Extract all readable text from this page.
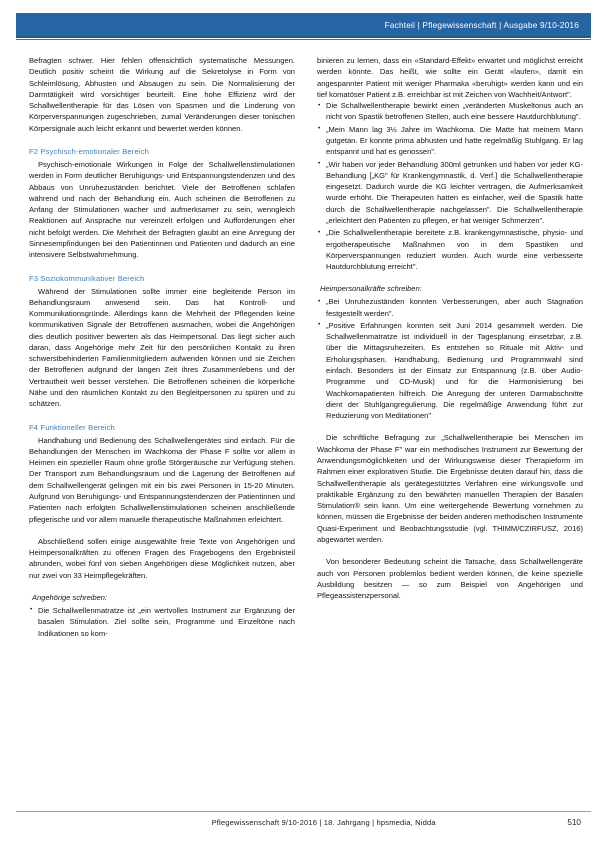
Fachteil | Pflegewissenschaft | Ausgabe 9/10-2016

Befragten schwer. Hier fehlen offensichtlich systematische Messungen. Deutlich positiv scheint die Wirkung auf die Sekretolyse in Form von Schleimlösung, Abhusten und Absaugen zu sein. Die Normalisierung der Darmtätigkeit wird vorsichtiger beurteilt. Eine hohe Effizienz wird der Schallwellentherapie für das Lösen von Spasmen und die Linderung von Körperverspannungen zugeschrieben, zumal Veränderungen dieser tonischen Körpersignale auch leicht erkannt und bewertet werden können.

F2 Psychisch-emotionaler Bereich

Psychisch-emotionale Wirkungen in Folge der Schallwellenstimulationen werden in Form deutlicher Beruhigungs- und Entspannungstendenzen und des Abbaus von Unruhezuständen berichtet. Viele der Betroffenen schlafen während und nach der Behandlung ein. Auch scheinen die Betroffenen zu Anfang der Stimulationen wacher und aufmerksamer zu sein, wenngleich Reaktionen auf Ansprache nur vereinzelt erfolgen und Aufforderungen eher nicht befolgt werden. Die Mehrheit der Befragten glaubt an eine Anregung der Sinnesempfindungen bei den Patientinnen und Patienten und dadurch an eine intensivere Selbstwahrnehmung.

F3 Soziokommunikativer Bereich

Während der Stimulationen sollte immer eine begleitende Person im Behandlungsraum anwesend sein. Das hat Kontroll- und Kommunikationsgründe. Allerdings kann die Mehrheit der Pflegenden keine kommunikativen Signale der Betroffenen ausmachen, wobei die Angehörigen dies deutlich positiver bewerten als das Heimpersonal. Das liegt sicher auch daran, dass Angehörige mehr Zeit für den persönlichen Kontakt zu ihren schwerstbehinderten Familienmitgliedern aufwenden können und sie Zeichen der Betroffenen aufgrund der langen Zeit ihres Zusammenlebens und der Vertrautheit weit besser verstehen. Die Betroffenen scheinen die körperliche Nähe und den räumlichen Kontakt zu den Begleitpersonen zu spüren und zu schätzen.

F4 Funktioneller Bereich

Handhabung und Bedienung des Schallwellengerätes sind einfach. Für die Behandlungen der Menschen im Wachkoma der Phase F sollte vor allem in Heimen ein spezieller Raum ohne große Störgeräusche zur Verfügung stehen. Der Transport zum Behandlungsraum und die Lagerung der Betroffenen auf dem Schallwellengerät gelingen mit ein bis zwei Personen in 15-20 Minuten. Aufgrund von Beruhigungs- und Entspannungstendenzen der Patientinnen und Patienten nach erfolgten Schallwellenstimulationen scheinen anschließende pflegerische und vor allem manuelle therapeutische Maßnahmen erleichtert.

Abschließend sollen einige ausgewählte freie Texte von Angehörigen und Heimpersonalkräften zu offenen Fragen des Fragebogens den Ergebnisteil abrunden, wobei fünf von sieben Angehörigen diese Möglichkeit nutzen, aber nur zwei von 33 Heimpflegekräften.

Angehörige schreiben:

• Die Schallwellenmatratze ist „ein wertvolles Instrument zur Ergänzung der basalen Stimulation. Ziel sollte sein, Programme und Einzeltöne nach Indikationen so kom-

binieren zu lernen, dass ein «Standard-Effekt» erwartet und möglichst erreicht werden könnte. Das heißt, wie sollte ein Gerät «laufen», damit ein angespannter Patient mit weniger Pharmaka «beruhigt» werden kann und ein tief komatöser Patient z.B. erreichbar ist mit Zeichen von Wachheit/Antwort".

• Die Schallwellentherapie bewirkt einen „veränderten Muskeltonus auch an nicht von Spastik betroffenen Stellen, auch eine bessere Hautdurchblutung".
• „Mein Mann lag 3½ Jahre im Wachkoma. Die Matte hat meinem Mann gutgetan. Er konnte prima abhusten und hatte regelmäßig Stuhlgang. Er lag entspannt und hat es genossen".
• „Wir haben vor jeder Behandlung 300ml getrunken und haben vor jeder KG-Behandlung [„KG" für Krankengymnastik, d. Verf.] die Schallwellentherapie eingesetzt. Dadurch wurde die KG leichter vertragen, die Aufmerksamkeit wurde erhöht. Die Therapeuten hatten es einfacher, weil die Spastik hatte durch die Schallwellentherapie nachgelassen". Die Schallwellentherapie „erleichtert den Patienten zu pflegen, er hat weniger Schmerzen".
• „Die Schallwellentherapie bereitete z.B. krankengymnastische, physio- und ergotherapeutische Maßnahmen von in dem Spastiken und Körperverspannungen reduziert wurden. Auch wurde eine verbesserte Hautdurchblutung erreicht".

Heimpersonalkräfte schreiben:

• „Bei Unruhezuständen konnten Verbesserungen, aber auch Stagnation festgestellt werden".
• „Positive Erfahrungen konnten seit Juni 2014 gesammelt werden. Die Schallwellenmatratze ist individuell in der Tagesplanung einsetzbar, z.B. über die Mittagsruhezeiten. Es entstehen so Rituale mit Aktiv- und Erholungsphasen. Handhabung, Bedienung und Programmwahl sind einfach. Besonders ist der Einsatz zur Entspannung (z.B. über Audio-Programme und CD-Musik) und für die Harmonisierung bei Wachkomapatienten hilfreich. Die Anregung der unteren Darmabschnitte dient der Stuhlgangregulierung. Die regelmäßige Anwendung führt zur Reduzierung von Meditationen"

Die schriftliche Befragung zur „Schallwellentherapie bei Menschen im Wachkoma der Phase F" war ein methodisches Instrument zur Bewertung der Anwendungsmöglichkeiten und der Wirkungsweise dieser Therapieform im Rahmen einer explorativen Studie. Die Ergebnisse deuten darauf hin, dass die Schallwellentherapie als gerätegestütztes Verfahren eine wirkungsvolle und praktikable Ergänzung zu den bewährten manuellen Therapien der Basalen Stimulation® sein kann. Um eine weitergehende Bewertung vornehmen zu können, müssen die Ergebnisse der beiden anderen methodischen Instrumente Quasi-Experiment und Beobachtungsstudie (vgl. THIMM/CZIRFUSZ, 2016) abgewartet werden.

Von besonderer Bedeutung scheint die Tatsache, dass Schallwellengeräte auch von Personen problemlos bedient werden können, die keine spezielle Ausbildung besitzen — so zum Beispiel von Angehörigen und Pflegeassistenzpersonal.

Pflegewissenschaft 9/10-2016 | 18. Jahrgang | hpsmedia, Nidda	510
